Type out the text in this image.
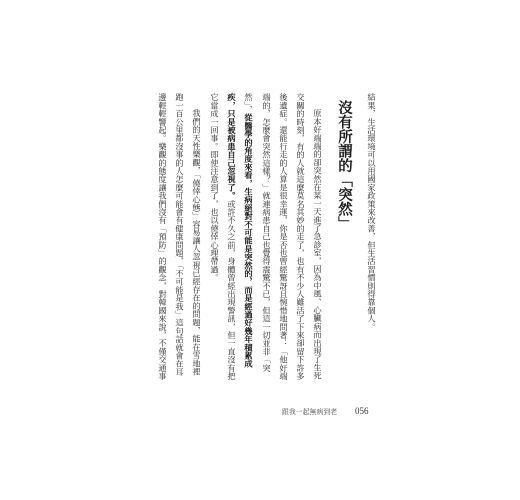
結果，生活環境可以用國家政策來改善，但生活習慣則得靠個人。
沒有所謂的「突然」
原本好端端的卻突然在某一天進了急診室，因為中風、心臟病而出現了生死
交關的時刻，有的人就這麼莫名其妙的走了，也有不少人雖活了下來卻留下許多
後遺症。還能行走的人算是很幸運，你是否也曾經驚訝且惋惜地問著：「他好端
端的，怎麼會突然這樣？」就連病患自己也覺得震驚不已，但這一切並非「突
然」，從醫學的角度來看，生病絕對不可能是突然的，而是經過好幾年積累成
疾，只是被病患自己忽視了。或許不久之前，身體曾經出現警訊，但一直沒有把
它當成一回事。即使注意到了，也以僥倖心理帶過。
我們的天性樂觀，「僥倖心態」容易讓人忽視已經存在的問題，能在雪地裡
跑一百公里都沒事的人怎麼可能會有健康問題，「不可能是我」這句話就會在耳
邊輕輕響起。樂觀的態度讓我們沒有「預防」的觀念，對韓國來說，不僅交通事
跟我一起無病到老 056
